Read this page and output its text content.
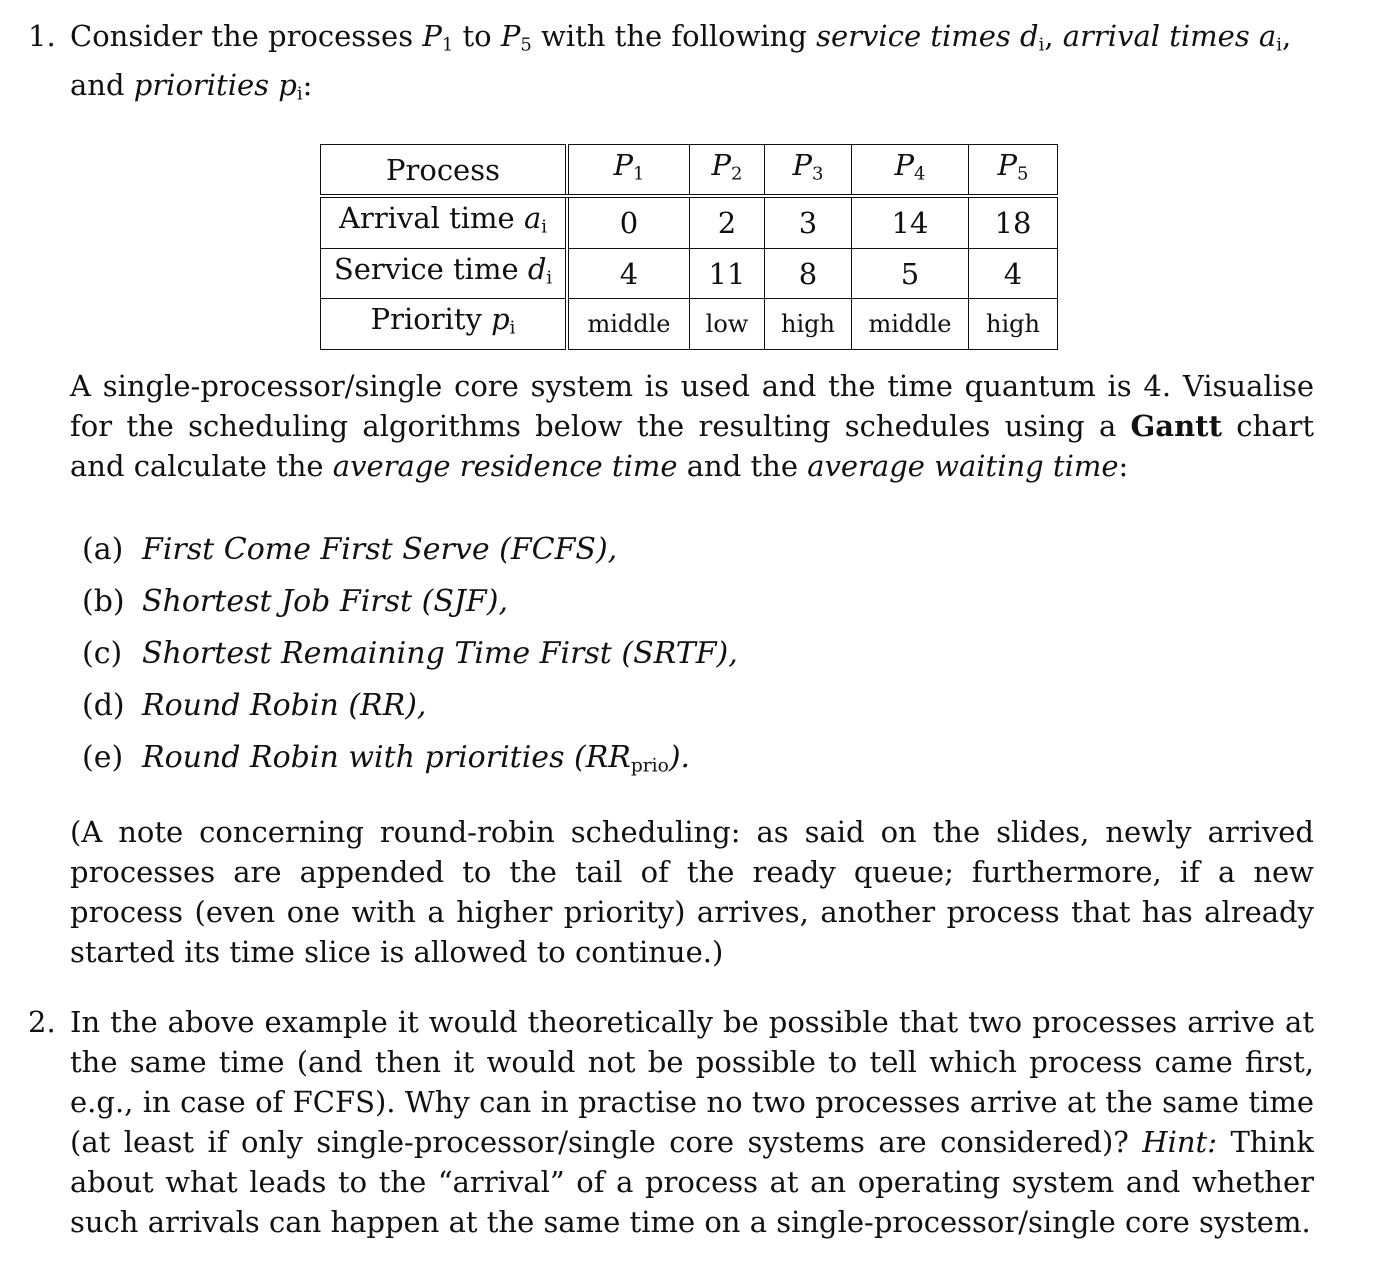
1. Consider the processes $P_1$ to $P_5$ with the following service times $d_i$, arrival times $a_i$,
and priorities $p_i$:
Process	$P_1$	$P_2$	$P_3$	$P_4$	$P_5$
Arrival time $a_i$	0	2	3	14	18
Service time $d_i$	4	11	8	5	4
Priority $p_i$	middle	low	high	middle	high
A single-processor/single core system is used and the time quantum is 4. Visualise for the scheduling algorithms below the resulting schedules using a Gantt chart and calculate the average residence time and the average waiting time:
(a) First Come First Serve (FCFS),
(b) Shortest Job First (SJF),
(c) Shortest Remaining Time First (SRTF),
(d) Round Robin (RR),
(e) Round Robin with priorities $(RR_{prio})$.
(A note concerning round-robin scheduling: as said on the slides, newly arrived processes are appended to the tail of the ready queue; furthermore, if a new process (even one with a higher priority) arrives, another process that has already started its time slice is allowed to continue.)
2. In the above example it would theoretically be possible that two processes arrive at the same time (and then it would not be possible to tell which process came first, e.g., in case of FCFS). Why can in practise no two processes arrive at the same time (at least if only single-processor/single core systems are considered)? Hint: Think about what leads to the “arrival” of a process at an operating system and whether such arrivals can happen at the same time on a single-processor/single core system.
